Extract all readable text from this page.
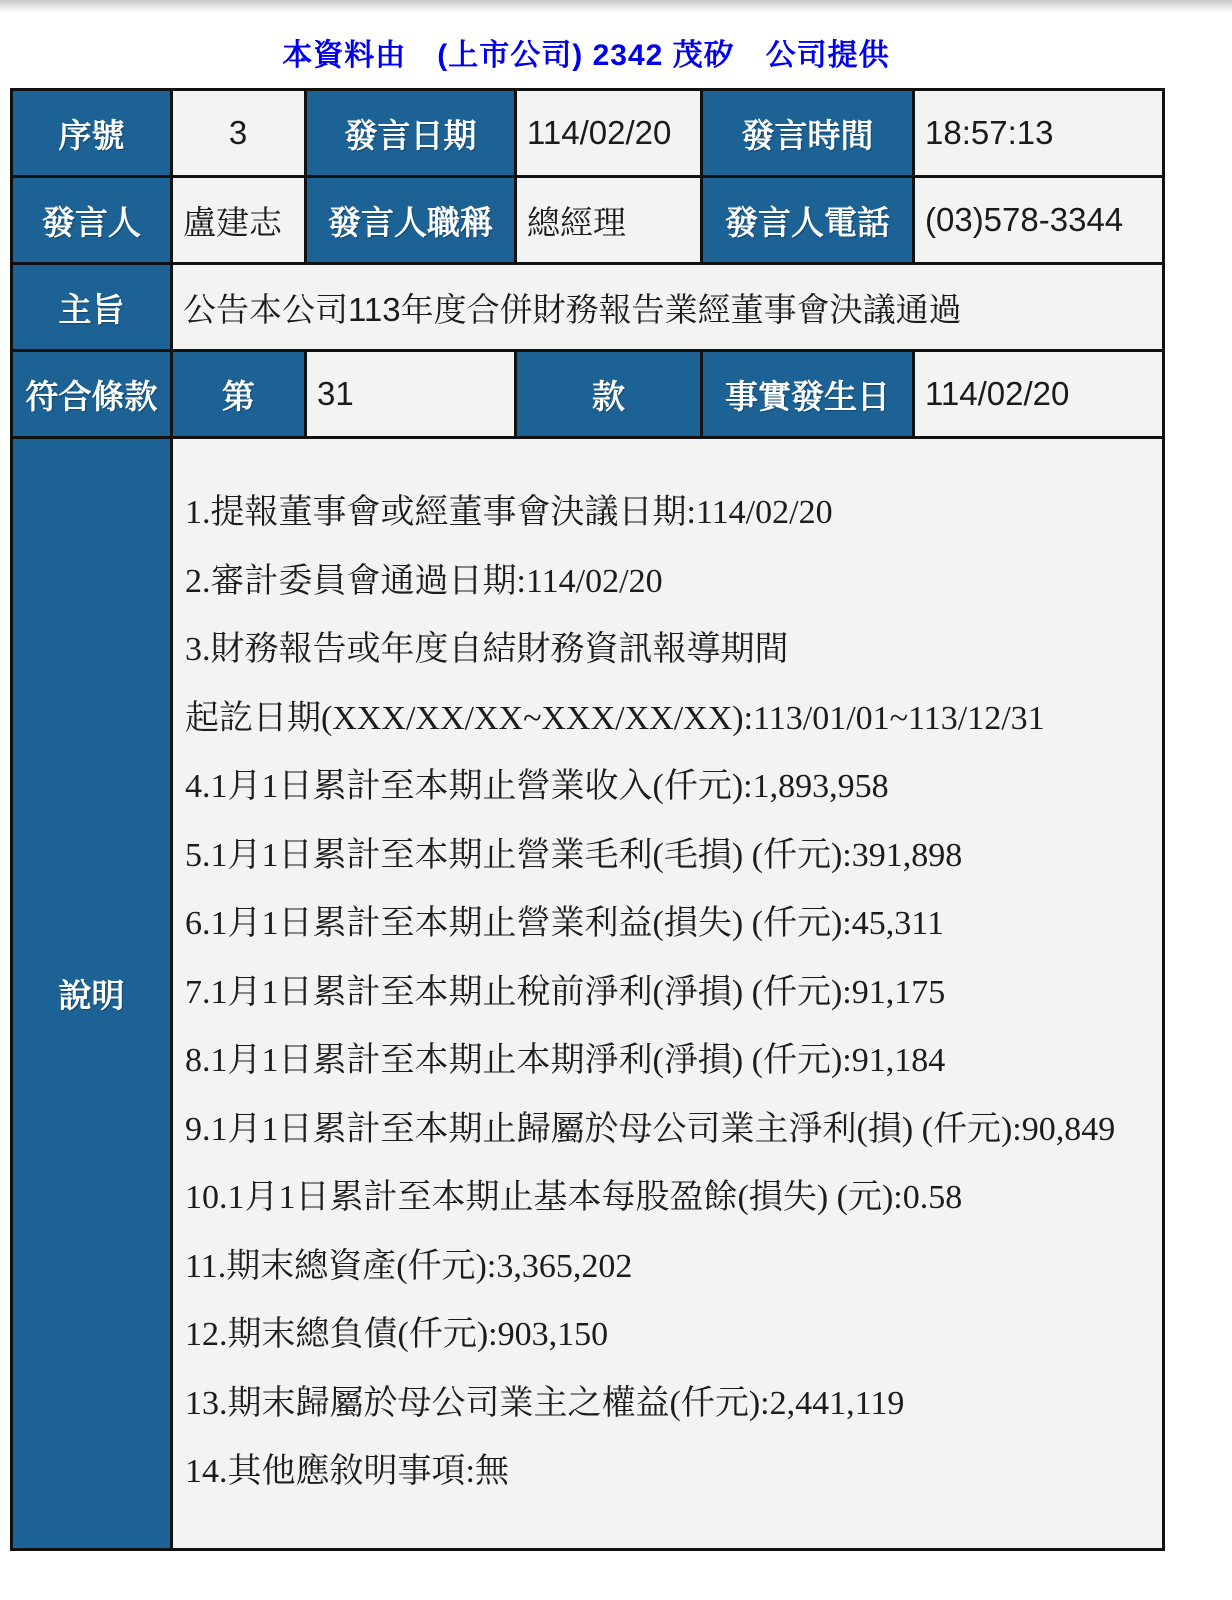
本資料由　(上市公司) 2342 茂矽　公司提供
序號	3	發言日期	114/02/20	發言時間	18:57:13
發言人	盧建志	發言人職稱	總經理	發言人電話	(03)578-3344
主旨	公告本公司113年度合併財務報告業經董事會決議通過				
符合條款	第	31	款	事實發生日	114/02/20
說明	
1.提報董事會或經董事會決議日期:114/02/20
2.審計委員會通過日期:114/02/20
3.財務報告或年度自結財務資訊報導期間
起訖日期(XXX/XX/XX~XXX/XX/XX):113/01/01~113/12/31
4.1月1日累計至本期止營業收入(仟元):1,893,958
5.1月1日累計至本期止營業毛利(毛損) (仟元):391,898
6.1月1日累計至本期止營業利益(損失) (仟元):45,311
7.1月1日累計至本期止稅前淨利(淨損) (仟元):91,175
8.1月1日累計至本期止本期淨利(淨損) (仟元):91,184
9.1月1日累計至本期止歸屬於母公司業主淨利(損) (仟元):90,849
10.1月1日累計至本期止基本每股盈餘(損失) (元):0.58
11.期末總資產(仟元):3,365,202
12.期末總負債(仟元):903,150
13.期末歸屬於母公司業主之權益(仟元):2,441,119
14.其他應敘明事項:無
